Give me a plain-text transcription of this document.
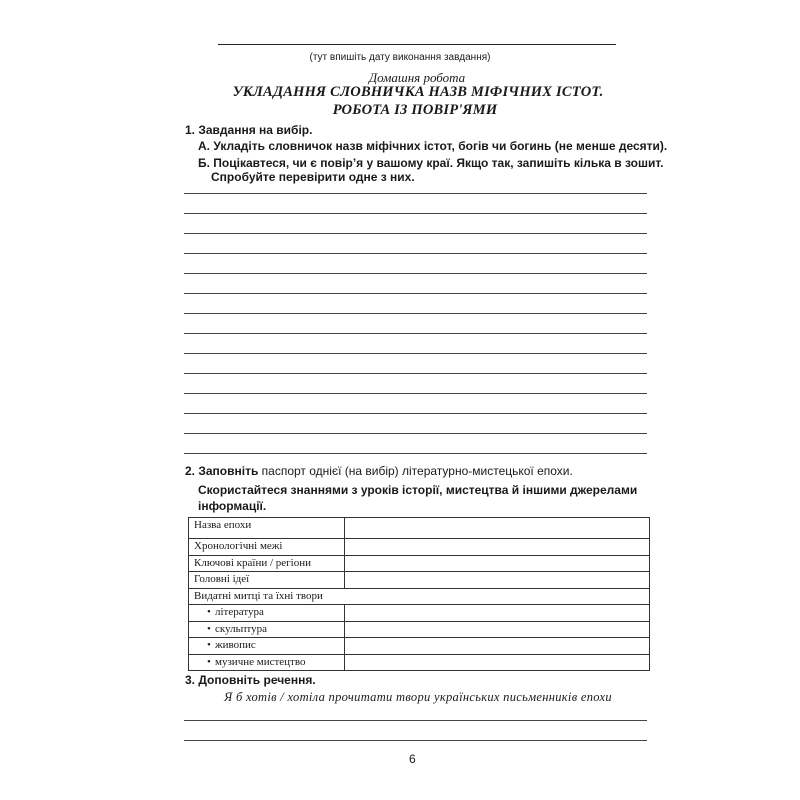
(тут впишіть дату виконання завдання)
Домашня робота
УКЛАДАННЯ СЛОВНИЧКА НАЗВ МІФІЧНИХ ІСТОТ.
РОБОТА ІЗ ПОВІР'ЯМИ
1. Завдання на вибір.
А. Укладіть словничок назв міфічних істот, богів чи богинь (не менше десяти).
Б. Поцікавтеся, чи є повір’я у вашому краї. Якщо так, запишіть кілька в зошит.
Спробуйте перевірити одне з них.
2. Заповніть паспорт однієї (на вибір) літературно-мистецької епохи.
Скористайтеся знаннями з уроків історії, мистецтва й іншими джерелами
інформації.
Назва епохи	
Хронологічні межі	
Ключові країни / регіони	
Головні ідеї	
Видатні митці та їхні твори	
• література	
• скульптура	
• живопис	
• музичне мистецтво	
3. Доповніть речення.
Я б хотів / хотіла прочитати твори українських письменників епохи
6
